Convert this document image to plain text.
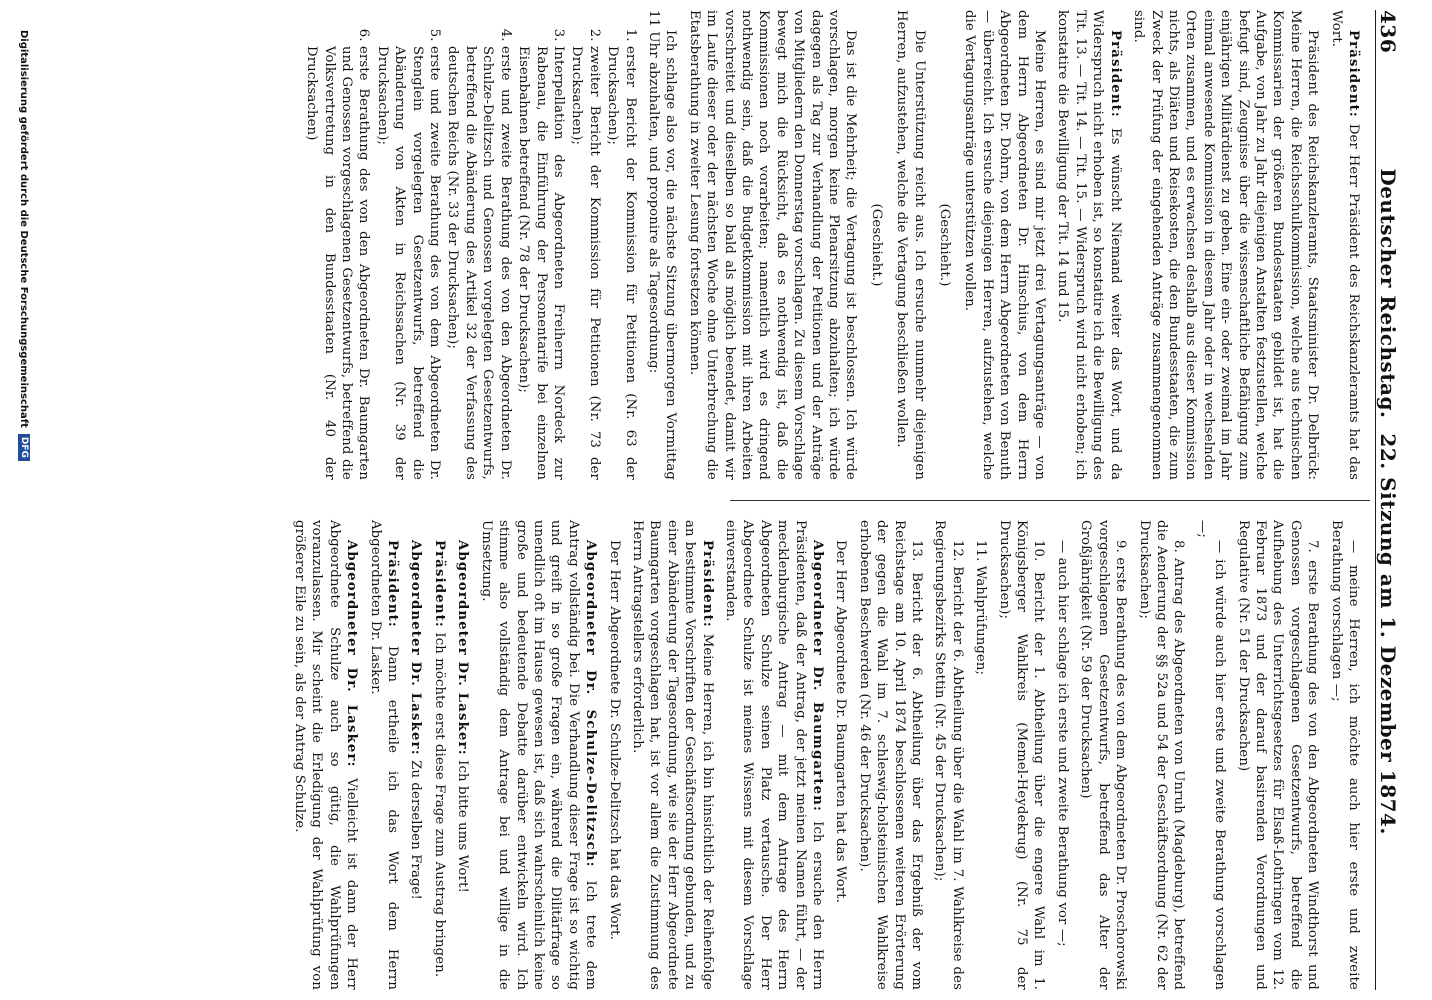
436
Deutscher Reichstag.  22. Sitzung am 1. Dezember 1874.

Präsident: Der Herr Präsident des Reichskanzleramts hat das Wort.

Präsident des Reichskanzleramts, Staatsminister Dr. Delbrück: Meine Herren, die Reichsschulkommission, welche aus technischen Kommissarien der größeren Bundesstaaten gebildet ist, hat die Aufgabe, von Jahr zu Jahr diejenigen Anstalten festzustellen, welche befugt sind, Zeugnisse über die wissenschaftliche Befähigung zum einjährigen Militärdienst zu geben. Eine ein- oder zweimal im Jahr einmal anwesende Kommission in diesem Jahr oder in wechselnden Orten zusammen, und es erwachsen deshalb aus dieser Kommission nichts, als Diäten und Reisekosten, die den Bundesstaaten, die zum Zweck der Prüfung der eingehenden Anträge zusammengenommen sind.

Präsident: Es wünscht Niemand weiter das Wort, und da Widerspruch nicht erhoben ist, so konstatire ich die Bewilligung des Tit. 13. — Tit. 14. — Tit. 15. — Widerspruch wird nicht erhoben; ich konstatire die Bewilligung der Tit. 14 und 15.

Meine Herren, es sind mir jetzt drei Vertagungsanträge — von dem Herrn Abgeordneten Dr. Hinschius, von dem Herrn Abgeordneten Dr. Dohrn, von dem Herrn Abgeordneten von Benuth — überreicht. Ich ersuche diejenigen Herren, aufzustehen, welche die Vertagungsanträge unterstützen wollen.

(Geschieht.)

Die Unterstützung reicht aus. Ich ersuche nunmehr diejenigen Herren, aufzustehen, welche die Vertagung beschließen wollen.

(Geschieht.)

Das ist die Mehrheit; die Vertagung ist beschlossen. Ich würde vorschlagen, morgen keine Plenarsitzung abzuhalten; ich würde dagegen als Tag zur Verhandlung der Petitionen und der Anträge von Mitgliedern den Donnerstag vorschlagen. Zu diesem Vorschlage bewegt mich die Rücksicht, daß es nothwendig ist, daß die Kommissionen noch vorarbeiten; namentlich wird es dringend nothwendig sein, daß die Budgetkommission mit ihren Arbeiten vorschreitet und dieselben so bald als möglich beendet, damit wir im Laufe dieser oder der nächsten Woche ohne Unterbrechung die Etatsberathung in zweiter Lesung fortsetzen können.

Ich schlage also vor, die nächste Sitzung übermorgen Vormittag 11 Uhr abzuhalten, und proponire als Tagesordnung:

1. erster Bericht der Kommission für Petitionen (Nr. 63 der Drucksachen);
2. zweiter Bericht der Kommission für Petitionen (Nr. 73 der Drucksachen);
3. Interpellation des Abgeordneten Freiherrn Nordeck zur Rabenau, die Einführung der Personentarife bei einzelnen Eisenbahnen betreffend (Nr. 78 der Drucksachen);
4. erste und zweite Berathung des von den Abgeordneten Dr. Schulze-Delitzsch und Genossen vorgelegten Gesetzentwurfs, betreffend die Abänderung des Artikel 32 der Verfassung des deutschen Reichs (Nr. 33 der Drucksachen);
5. erste und zweite Berathung des von dem Abgeordneten Dr. Stenglein vorgelegten Gesetzentwurfs, betreffend die Abänderung von Akten in Reichssachen (Nr. 39 der Drucksachen);
6. erste Berathung des von den Abgeordneten Dr. Baumgarten und Genossen vorgeschlagenen Gesetzentwurfs, betreffend die Volksvertretung in den Bundesstaaten (Nr. 40 der Drucksachen)

— meine Herren, ich möchte auch hier erste und zweite Berathung vorschlagen —;

7. erste Berathung des von den Abgeordneten Windthorst und Genossen vorgeschlagenen Gesetzentwurfs, betreffend die Aufhebung des Unterrichtsgesetzes für Elsaß-Lothringen vom 12. Februar 1873 und der darauf basirenden Verordnungen und Regulative (Nr. 51 der Drucksachen)

— ich würde auch hier erste und zweite Berathung vorschlagen —;

8. Antrag des Abgeordneten von Unruh (Magdeburg), betreffend die Aenderung der §§ 52a und 54 der Geschäftsordnung (Nr. 62 der Drucksachen);

9. erste Berathung des von dem Abgeordneten Dr. Proschorowski vorgeschlagenen Gesetzentwurfs, betreffend das Alter der Großjährigkeit (Nr. 59 der Drucksachen)

— auch hier schlage ich erste und zweite Berathung vor —;

10. Bericht der 1. Abtheilung über die engere Wahl im 1. Königsberger Wahlkreis (Memel-Heydekrug) (Nr. 75 der Drucksachen);

11. Wahlprüfungen;

12. Bericht der 6. Abtheilung über die Wahl im 7. Wahlkreise des Regierungsbezirks Stettin (Nr. 45 der Drucksachen);

13. Bericht der 6. Abtheilung über das Ergebniß der vom Reichstage am 10. April 1874 beschlossenen weiteren Erörterung der gegen die Wahl im 7. schleswig-holsteinischen Wahlkreise erhobenen Beschwerden (Nr. 46 der Drucksachen).

Der Herr Abgeordnete Dr. Baumgarten hat das Wort.

Abgeordneter Dr. Baumgarten: Ich ersuche den Herrn Präsidenten, daß der Antrag, der jetzt meinen Namen führt, — der mecklenburgische Antrag — mit dem Antrage des Herrn Abgeordneten Schulze seinen Platz vertausche. Der Herr Abgeordnete Schulze ist meines Wissens mit diesem Vorschlage einverstanden.

Präsident: Meine Herren, ich bin hinsichtlich der Reihenfolge an bestimmte Vorschriften der Geschäftsordnung gebunden, und zu einer Abänderung der Tagesordnung, wie sie der Herr Abgeordnete Baumgarten vorgeschlagen hat, ist vor allem die Zustimmung des Herrn Antragstellers erforderlich.

Der Herr Abgeordnete Dr. Schulze-Delitzsch hat das Wort.

Abgeordneter Dr. Schulze-Delitzsch: Ich trete dem Antrag vollständig bei. Die Verhandlung dieser Frage ist so wichtig und greift in so große Fragen ein, während die Dilitärfrage so unendlich oft im Hause gewesen ist, daß sich wahrscheinlich keine große und bedeutende Debatte darüber entwickeln wird. Ich stimme also vollständig dem Antrage bei und willige in die Umsetzung.

Abgeordneter Dr. Lasker: Ich bitte ums Wort!

Präsident: Ich möchte erst diese Frage zum Austrag bringen.

Abgeordneter Dr. Lasker: Zu derselben Frage!

Präsident: Dann ertheile ich das Wort dem Herrn Abgeordneten Dr. Lasker.

Abgeordneter Dr. Lasker: Vielleicht ist dann der Herr Abgeordnete Schulze auch so gütig, die Wahlprüfungen voranzulassen. Mir scheint die Erledigung der Wahlprüfung von größerer Eile zu sein, als der Antrag Schulze.

Digitalisierung gefördert durch die Deutsche Forschungsgemeinschaft
DFG
